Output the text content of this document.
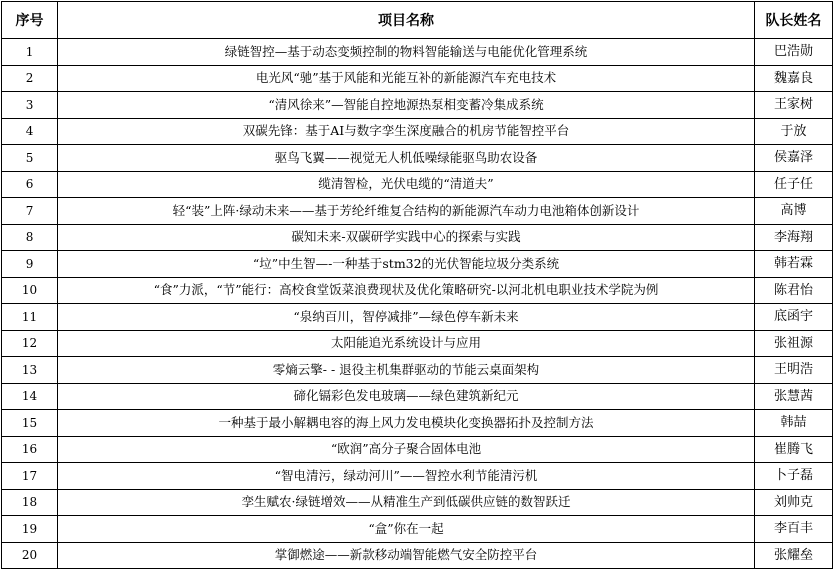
序号	项目名称	队长姓名
1	绿链智控—基于动态变频控制的物料智能输送与电能优化管理系统	巴浩勋
2	电光风“驰”基于风能和光能互补的新能源汽车充电技术	魏嘉良
3	“清风徐来”—智能自控地源热泵相变蓄冷集成系统	王家树
4	双碳先锋：基于AI与数字孪生深度融合的机房节能智控平台	于放
5	驱鸟飞翼——视觉无人机低噪绿能驱鸟助农设备	侯嘉泽
6	缆清智检，光伏电缆的“清道夫”	任子任
7	轻“装”上阵·绿动未来——基于芳纶纤维复合结构的新能源汽车动力电池箱体创新设计	高博
8	碳知未来-双碳研学实践中心的探索与实践	李海翔
9	“垃”中生智—-一种基于stm32的光伏智能垃圾分类系统	韩若霖
10	“食”力派，“节”能行：高校食堂饭菜浪费现状及优化策略研究-以河北机电职业技术学院为例	陈君怡
11	“泉纳百川，智停减排”—绿色停车新未来	底函宇
12	太阳能追光系统设计与应用	张祖源
13	零熵云擎- - 退役主机集群驱动的节能云桌面架构	王明浩
14	碲化镉彩色发电玻璃——绿色建筑新纪元	张慧茜
15	一种基于最小解耦电容的海上风力发电模块化变换器拓扑及控制方法	韩喆
16	“欧润”高分子聚合固体电池	崔腾飞
17	“智电清污，绿动河川”——智控水利节能清污机	卜子磊
18	孪生赋农·绿链增效——从精准生产到低碳供应链的数智跃迁	刘帅克
19	“盒”你在一起	李百丰
20	掌御燃途——新款移动端智能燃气安全防控平台	张耀垒
